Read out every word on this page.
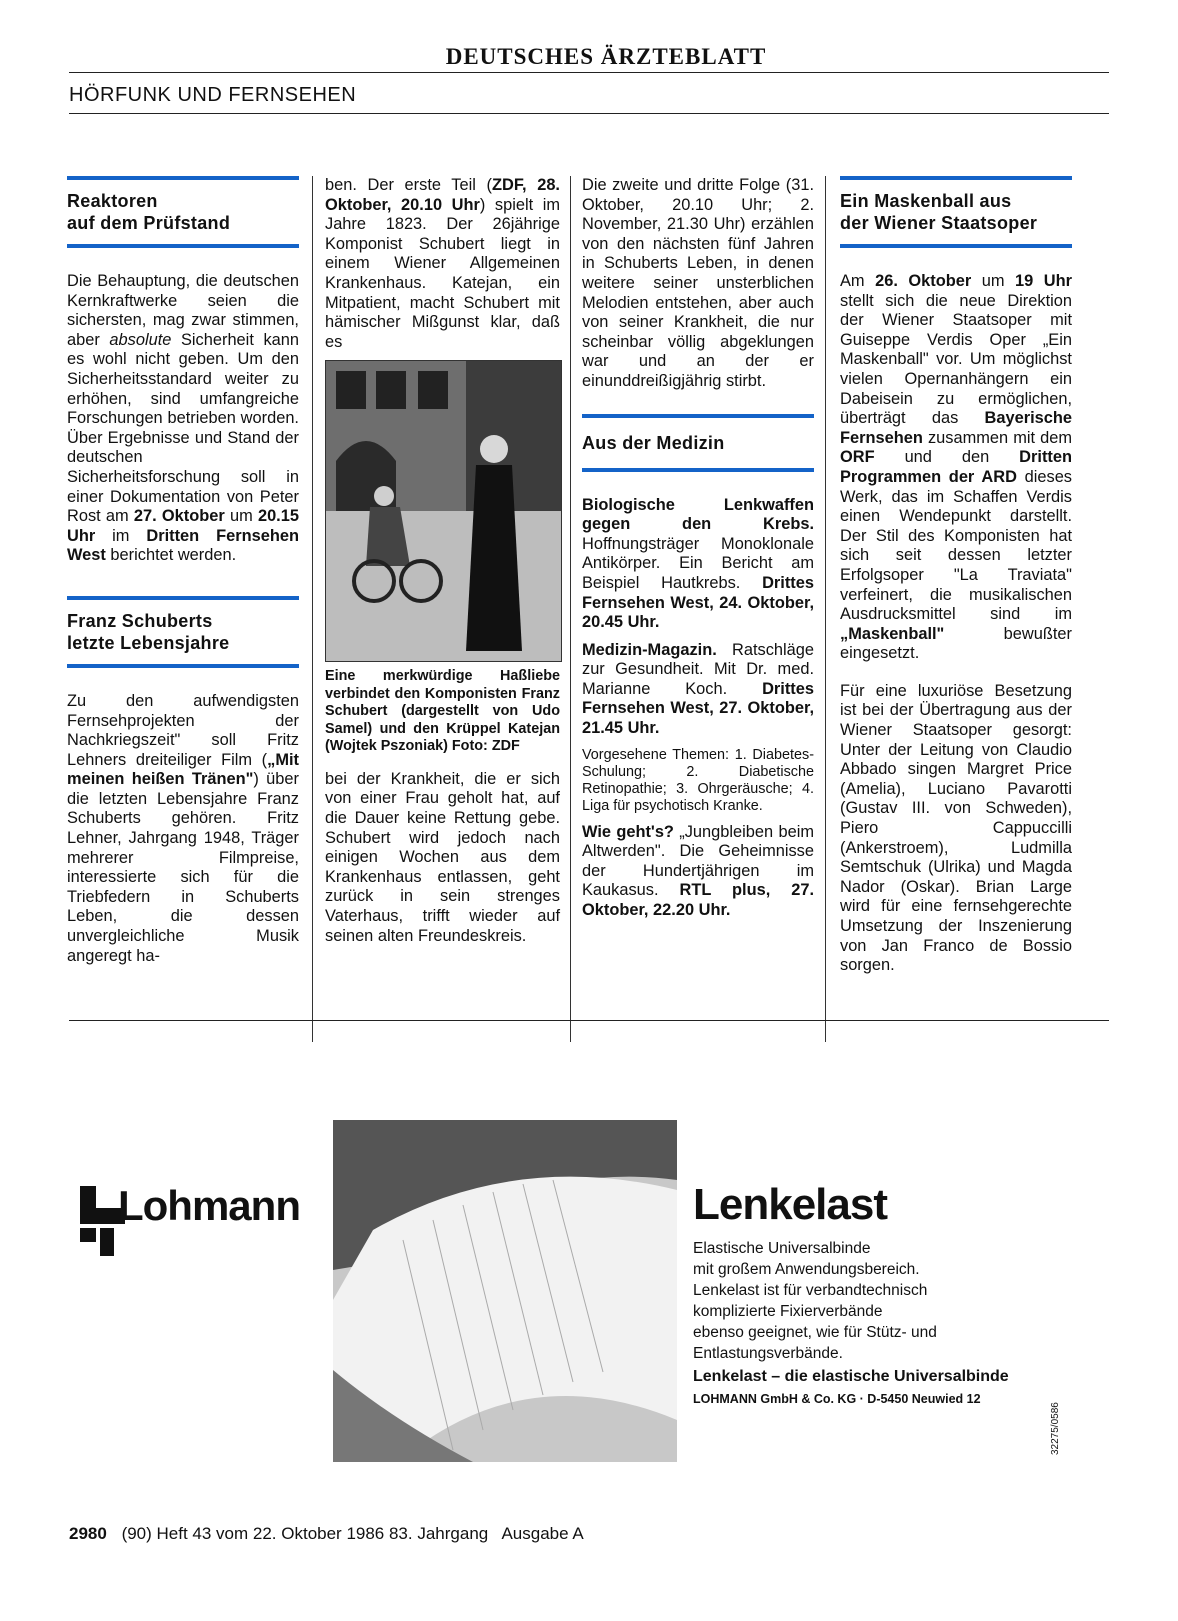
DEUTSCHES ÄRZTEBLATT
HÖRFUNK UND FERNSEHEN
Reaktoren
auf dem Prüfstand

Die Behauptung, die deutschen Kernkraftwerke seien die sichersten, mag zwar stimmen, aber absolute Sicherheit kann es wohl nicht geben. Um den Sicherheitsstandard weiter zu erhöhen, sind umfangreiche Forschungen betrieben worden. Über Ergebnisse und Stand der deutschen Sicherheitsforschung soll in einer Dokumentation von Peter Rost am 27. Oktober um 20.15 Uhr im Dritten Fernsehen West berichtet werden.

Franz Schuberts
letzte Lebensjahre

Zu den aufwendigsten Fernsehprojekten der Nachkriegszeit" soll Fritz Lehners dreiteiliger Film („Mit meinen heißen Tränen") über die letzten Lebensjahre Franz Schuberts gehören. Fritz Lehner, Jahrgang 1948, Träger mehrerer Filmpreise, interessierte sich für die Triebfedern in Schuberts Leben, die dessen unvergleichliche Musik angeregt ha-

ben. Der erste Teil (ZDF, 28. Oktober, 20.10 Uhr) spielt im Jahre 1823. Der 26jährige Komponist Schubert liegt in einem Wiener Allgemeinen Krankenhaus. Katejan, ein Mitpatient, macht Schubert mit hämischer Mißgunst klar, daß es

Eine merkwürdige Haßliebe verbindet den Komponisten Franz Schubert (dargestellt von Udo Samel) und den Krüppel Katejan (Wojtek Pszoniak) Foto: ZDF

bei der Krankheit, die er sich von einer Frau geholt hat, auf die Dauer keine Rettung gebe. Schubert wird jedoch nach einigen Wochen aus dem Krankenhaus entlassen, geht zurück in sein strenges Vaterhaus, trifft wieder auf seinen alten Freundeskreis.

Die zweite und dritte Folge (31. Oktober, 20.10 Uhr; 2. November, 21.30 Uhr) erzählen von den nächsten fünf Jahren in Schuberts Leben, in denen weitere seiner unsterblichen Melodien entstehen, aber auch von seiner Krankheit, die nur scheinbar völlig abgeklungen war und an der er einunddreißigjährig stirbt.

Aus der Medizin

Biologische Lenkwaffen gegen den Krebs. Hoffnungsträger Monoklonale Antikörper. Ein Bericht am Beispiel Hautkrebs. Drittes Fernsehen West, 24. Oktober, 20.45 Uhr.

Medizin-Magazin. Ratschläge zur Gesundheit. Mit Dr. med. Marianne Koch. Drittes Fernsehen West, 27. Oktober, 21.45 Uhr.

Vorgesehene Themen: 1. Diabetes-Schulung; 2. Diabetische Retinopathie; 3. Ohrgeräusche; 4. Liga für psychotisch Kranke.

Wie geht's? „Jungbleiben beim Altwerden". Die Geheimnisse der Hundertjährigen im Kaukasus. RTL plus, 27. Oktober, 22.20 Uhr.

Ein Maskenball aus
der Wiener Staatsoper

Am 26. Oktober um 19 Uhr stellt sich die neue Direktion der Wiener Staatsoper mit Guiseppe Verdis Oper „Ein Maskenball" vor. Um möglichst vielen Opernanhängern ein Dabeisein zu ermöglichen, überträgt das Bayerische Fernsehen zusammen mit dem ORF und den Dritten Programmen der ARD dieses Werk, das im Schaffen Verdis einen Wendepunkt darstellt. Der Stil des Komponisten hat sich seit dessen letzter Erfolgsoper "La Traviata" verfeinert, die musikalischen Ausdrucksmittel sind im „Maskenball" bewußter eingesetzt.

Für eine luxuriöse Besetzung ist bei der Übertragung aus der Wiener Staatsoper gesorgt: Unter der Leitung von Claudio Abbado singen Margret Price (Amelia), Luciano Pavarotti (Gustav III. von Schweden), Piero Cappuccilli (Ankerstroem), Ludmilla Semtschuk (Ulrika) und Magda Nador (Oskar). Brian Large wird für eine fernsehgerechte Umsetzung der Inszenierung von Jan Franco de Bossio sorgen.

Lohmann	Lenkelast
Elastische Universalbinde
mit großem Anwendungsbereich.
Lenkelast ist für verbandtechnisch
komplizierte Fixierverbände
ebenso geeignet, wie für Stütz- und
Entlastungsverbände.
Lenkelast – die elastische Universalbinde
LOHMANN GmbH & Co. KG · D-5450 Neuwied 12
32275/0586
2980 (90) Heft 43 vom 22. Oktober 1986 83. Jahrgang   Ausgabe A
